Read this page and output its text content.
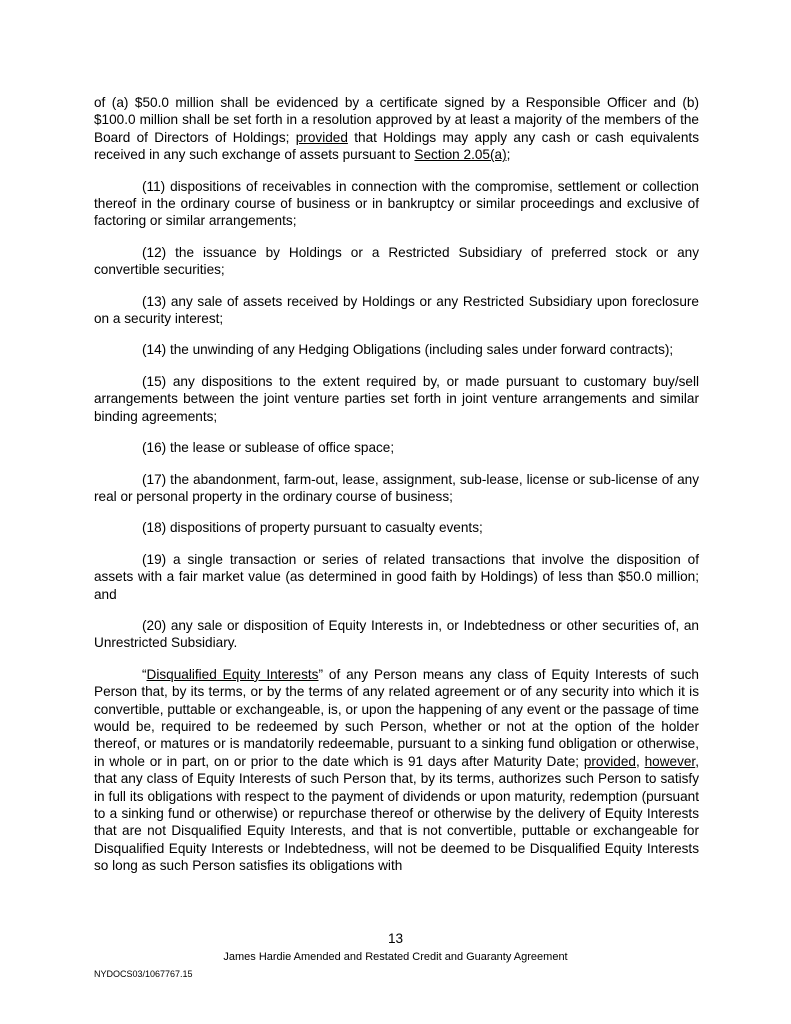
of (a) $50.0 million shall be evidenced by a certificate signed by a Responsible Officer and (b) $100.0 million shall be set forth in a resolution approved by at least a majority of the members of the Board of Directors of Holdings; provided that Holdings may apply any cash or cash equivalents received in any such exchange of assets pursuant to Section 2.05(a);

(11) dispositions of receivables in connection with the compromise, settlement or collection thereof in the ordinary course of business or in bankruptcy or similar proceedings and exclusive of factoring or similar arrangements;

(12) the issuance by Holdings or a Restricted Subsidiary of preferred stock or any convertible securities;

(13) any sale of assets received by Holdings or any Restricted Subsidiary upon foreclosure on a security interest;

(14) the unwinding of any Hedging Obligations (including sales under forward contracts);

(15) any dispositions to the extent required by, or made pursuant to customary buy/sell arrangements between the joint venture parties set forth in joint venture arrangements and similar binding agreements;

(16) the lease or sublease of office space;

(17) the abandonment, farm-out, lease, assignment, sub-lease, license or sub-license of any real or personal property in the ordinary course of business;

(18) dispositions of property pursuant to casualty events;

(19) a single transaction or series of related transactions that involve the disposition of assets with a fair market value (as determined in good faith by Holdings) of less than $50.0 million; and

(20) any sale or disposition of Equity Interests in, or Indebtedness or other securities of, an Unrestricted Subsidiary.

“Disqualified Equity Interests” of any Person means any class of Equity Interests of such Person that, by its terms, or by the terms of any related agreement or of any security into which it is convertible, puttable or exchangeable, is, or upon the happening of any event or the passage of time would be, required to be redeemed by such Person, whether or not at the option of the holder thereof, or matures or is mandatorily redeemable, pursuant to a sinking fund obligation or otherwise, in whole or in part, on or prior to the date which is 91 days after Maturity Date; provided, however, that any class of Equity Interests of such Person that, by its terms, authorizes such Person to satisfy in full its obligations with respect to the payment of dividends or upon maturity, redemption (pursuant to a sinking fund or otherwise) or repurchase thereof or otherwise by the delivery of Equity Interests that are not Disqualified Equity Interests, and that is not convertible, puttable or exchangeable for Disqualified Equity Interests or Indebtedness, will not be deemed to be Disqualified Equity Interests so long as such Person satisfies its obligations with

13
James Hardie Amended and Restated Credit and Guaranty Agreement
NYDOCS03/1067767.15
